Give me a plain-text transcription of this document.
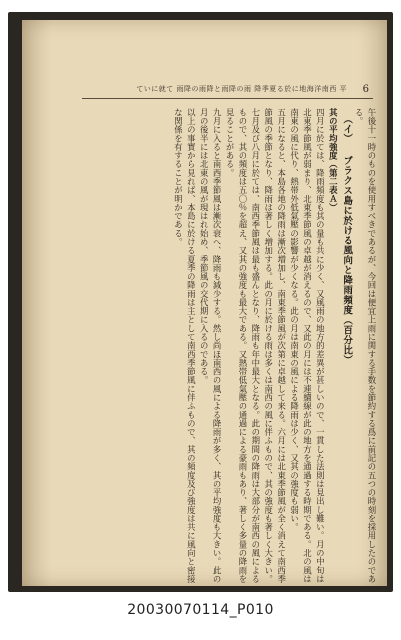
ていに就て 雨降の雨降と雨降の雨 降季夏る於に地海洋南西 平 6

午後十一時のものを使用すべきであるが、今回は便宜上雨に関する手数を節約する爲に前記の五つの時刻を採用したのである。

（イ） ブラクス島に於ける風向と降雨頻度（百分比）

其の平均強度（第二表Ａ）

四月に於ては、降雨頻度も其の量も共に少く、又風雨の地方的差異が甚しいので、一貫した法則は見出し難い。月の中旬は北東季節風が弱まり、北東季節風の卓越が消えるので、又此の月には不連續線が此の地方を通過する時期である。北の風は南東の風に代り、熱帯外低氣壓の影響が少くなる。此の月は南東の風による降雨は少く、又其の強度も弱い。

五月になると、本島各地の降雨は漸次増加し、南東季節風が次第に卓越して来る。六月には北東季節風が全く消えて南西季節風の季節となり、降雨は著しく増加する。此の月に於ける雨は多くは南西の風に伴ふもので、其の強度も著しく大きい。

七月及び八月に於ては、南西季節風は最も盛んとなり、降雨も年中最大となる。此の期間の降雨は大部分が南西の風によるもので、其の頻度は五〇％を超え、又其の強度も最大である。又熱帯低氣壓の通過による豪雨もあり、著しく多量の降雨を見ることがある。

九月に入ると南西季節風は漸次衰へ、降雨も減少する。然し尚ほ南西の風による降雨が多く、其の平均強度も大きい。此の月の後半には北東の風が現はれ始め、季節風の交代期に入るのである。

以上の事實から見れば、本島に於ける夏季の降雨は主として南西季節風に伴ふもので、其の頻度及び強度は共に風向と密接な関係を有することが明かである。

20030070114_P010
